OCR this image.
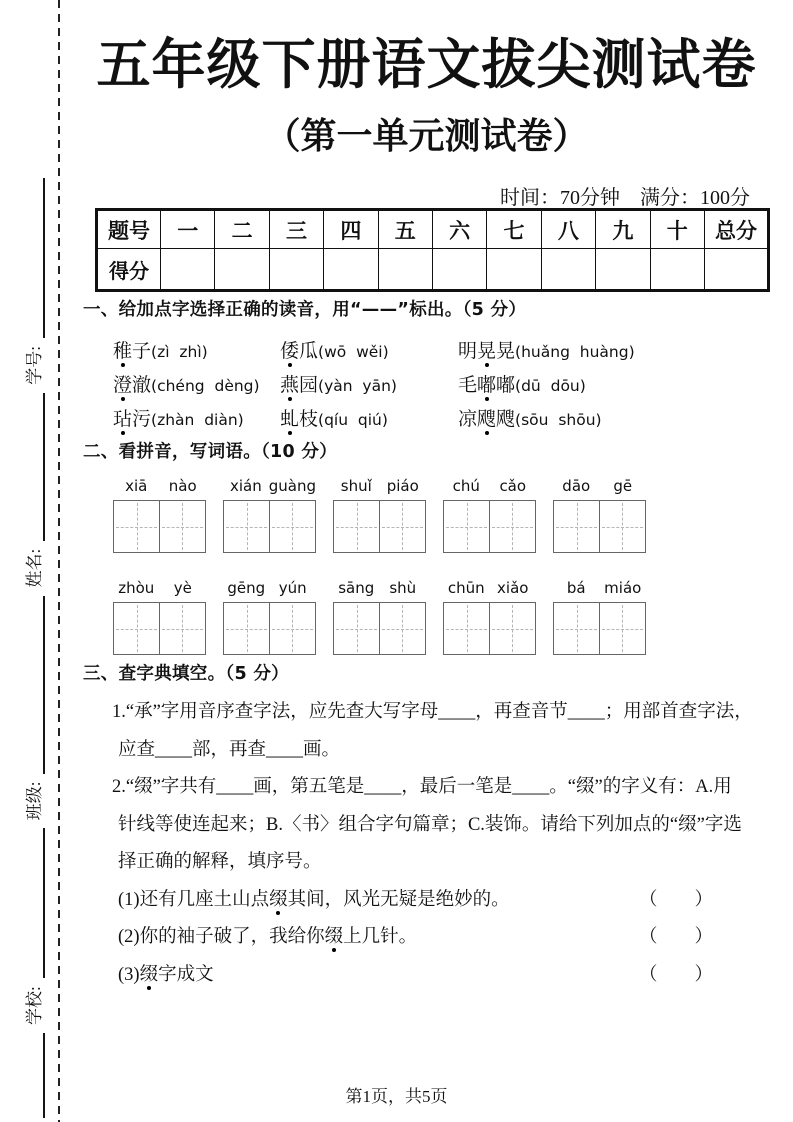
学校:
班级:
姓名:
学号:
五年级下册语文拔尖测试卷
（第一单元测试卷）
时间：70分钟　满分：100分
题号	一	二	三	四	五	六	七	八	九	十	总分
得分											
一、给加点字选择正确的读音，用“——”标出。（5 分）
稚子(zì  zhì)	倭瓜(wō  wěi)	明晃晃(huǎng  huàng)
澄澈(chéng  dèng)	燕园(yàn  yān)	毛嘟嘟(dū  dōu)
玷污(zhàn  diàn)	虬枝(qíu  qiú)	凉飕飕(sōu  shōu)
二、看拼音，写词语。（10 分）
xiā	nào	xián guàng	shuǐ piáo	chú	cǎo	dāo	gē
zhòu	yè	gēng yún	sāng	shù	chūn xiǎo	bá	miáo
三、查字典填空。（5 分）

1.“承”字用音序查字法，应先查大写字母____，再查音节____；用部首查字法，

应查____部，再查____画。

2.“缀”字共有____画，第五笔是____，最后一笔是____。“缀”的字义有：A.用

针线等使连起来；B.〈书〉组合字句篇章；C.装饰。请给下列加点的“缀”字选

择正确的解释，填序号。

(1)还有几座土山点缀其间，风光无疑是绝妙的。	（　　）
(2)你的袖子破了，我给你缀上几针。	（　　）
(3)缀字成文	（　　）
第1页，共5页
